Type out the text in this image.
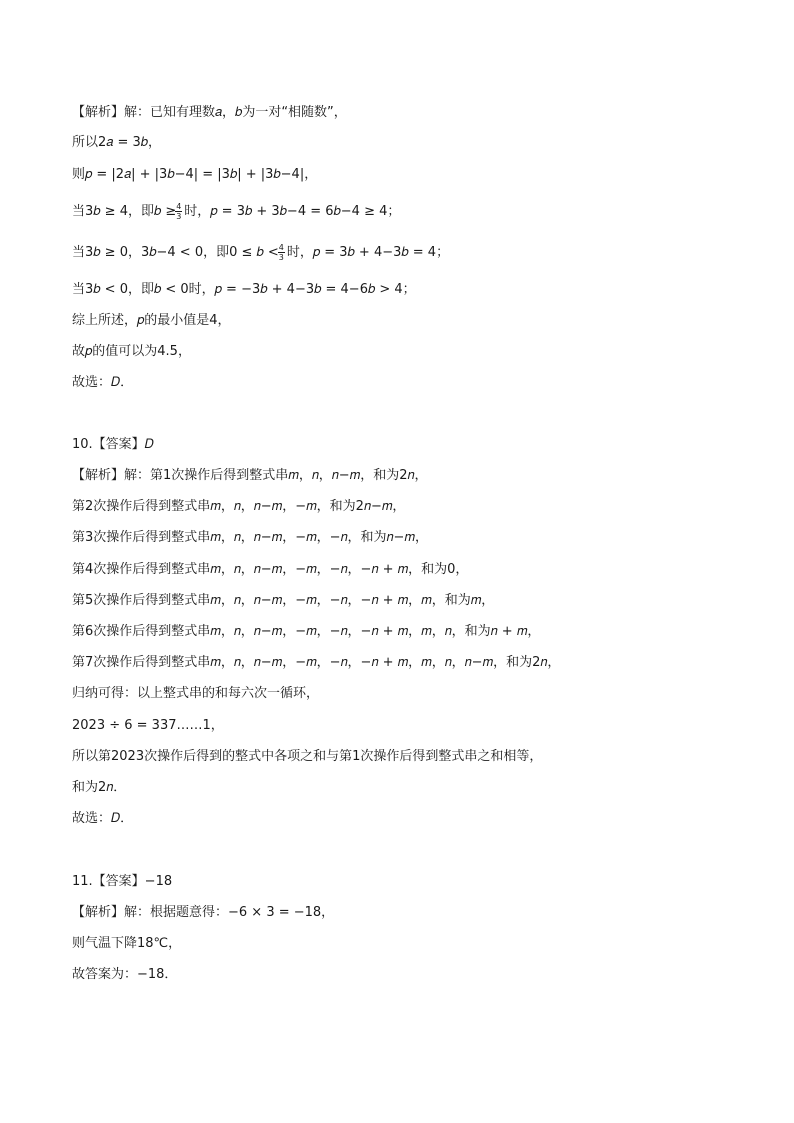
【解析】解：已知有理数𝑎，𝑏为一对“相随数”，
所以2𝑎 = 3𝑏，
则𝑝 = |2𝑎| + |3𝑏−4| = |3𝑏| + |3𝑏−4|，
当3𝑏 ≥ 4，即𝑏 ≥ 4
3 时，𝑝 = 3𝑏 + 3𝑏−4 = 6𝑏−4 ≥ 4；
当3𝑏 ≥ 0，3𝑏−4 < 0，即0 ≤ 𝑏 < 4
3 时，𝑝 = 3𝑏 + 4−3𝑏 = 4；
当3𝑏 < 0，即𝑏 < 0时，𝑝 = −3𝑏 + 4−3𝑏 = 4−6𝑏 > 4；
综上所述，𝑝的最小值是4，
故𝑝的值可以为4.5，
故选：𝐷．
10.【答案】𝐷
【解析】解：第1次操作后得到整式串𝑚，𝑛，𝑛−𝑚，和为2𝑛，
第2次操作后得到整式串𝑚，𝑛，𝑛−𝑚，−𝑚，和为2𝑛−𝑚，
第3次操作后得到整式串𝑚，𝑛，𝑛−𝑚，−𝑚，−𝑛，和为𝑛−𝑚，
第4次操作后得到整式串𝑚，𝑛，𝑛−𝑚，−𝑚，−𝑛，−𝑛 + 𝑚，和为0，
第5次操作后得到整式串𝑚，𝑛，𝑛−𝑚，−𝑚，−𝑛，−𝑛 + 𝑚，𝑚，和为𝑚，
第6次操作后得到整式串𝑚，𝑛，𝑛−𝑚，−𝑚，−𝑛，−𝑛 + 𝑚，𝑚，𝑛，和为𝑛 + 𝑚，
第7次操作后得到整式串𝑚，𝑛，𝑛−𝑚，−𝑚，−𝑛，−𝑛 + 𝑚，𝑚，𝑛，𝑛−𝑚，和为2𝑛，
归纳可得：以上整式串的和每六次一循环，
2023 ÷ 6 = 337……1，
所以第2023次操作后得到的整式中各项之和与第1次操作后得到整式串之和相等，
和为2𝑛．
故选：𝐷．
11.【答案】−18
【解析】解：根据题意得：−6 × 3 = −18，
则气温下降18℃，
故答案为：−18．
